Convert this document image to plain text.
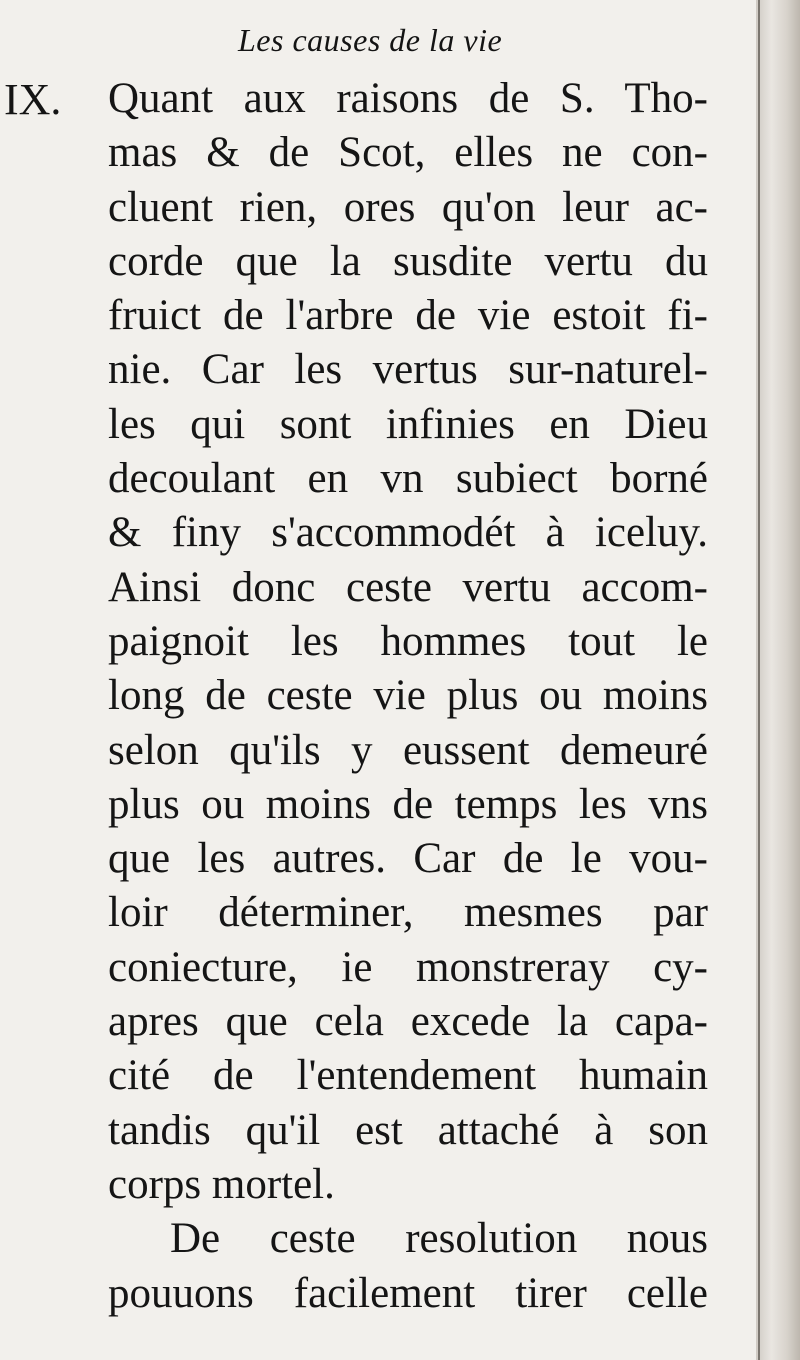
Les causes de la vie
IX. Quant aux raisons de S. Tho-
mas & de Scot, elles ne con-
cluent rien, ores qu'on leur ac-
corde que la susdite vertu du
fruict de l'arbre de vie estoit fi-
nie. Car les vertus sur-naturel-
les qui sont infinies en Dieu
decoulant en vn subiect borné
& finy s'accommodét à iceluy.
Ainsi donc ceste vertu accom-
paignoit les hommes tout le
long de ceste vie plus ou moins
selon qu'ils y eussent demeuré
plus ou moins de temps les vns
que les autres. Car de le vou-
loir déterminer, mesmes par
coniecture, ie monstreray cy-
apres que cela excede la capa-
cité de l'entendement humain
tandis qu'il est attaché à son
corps mortel.
De ceste resolution nous
pouuons facilement tirer celle
